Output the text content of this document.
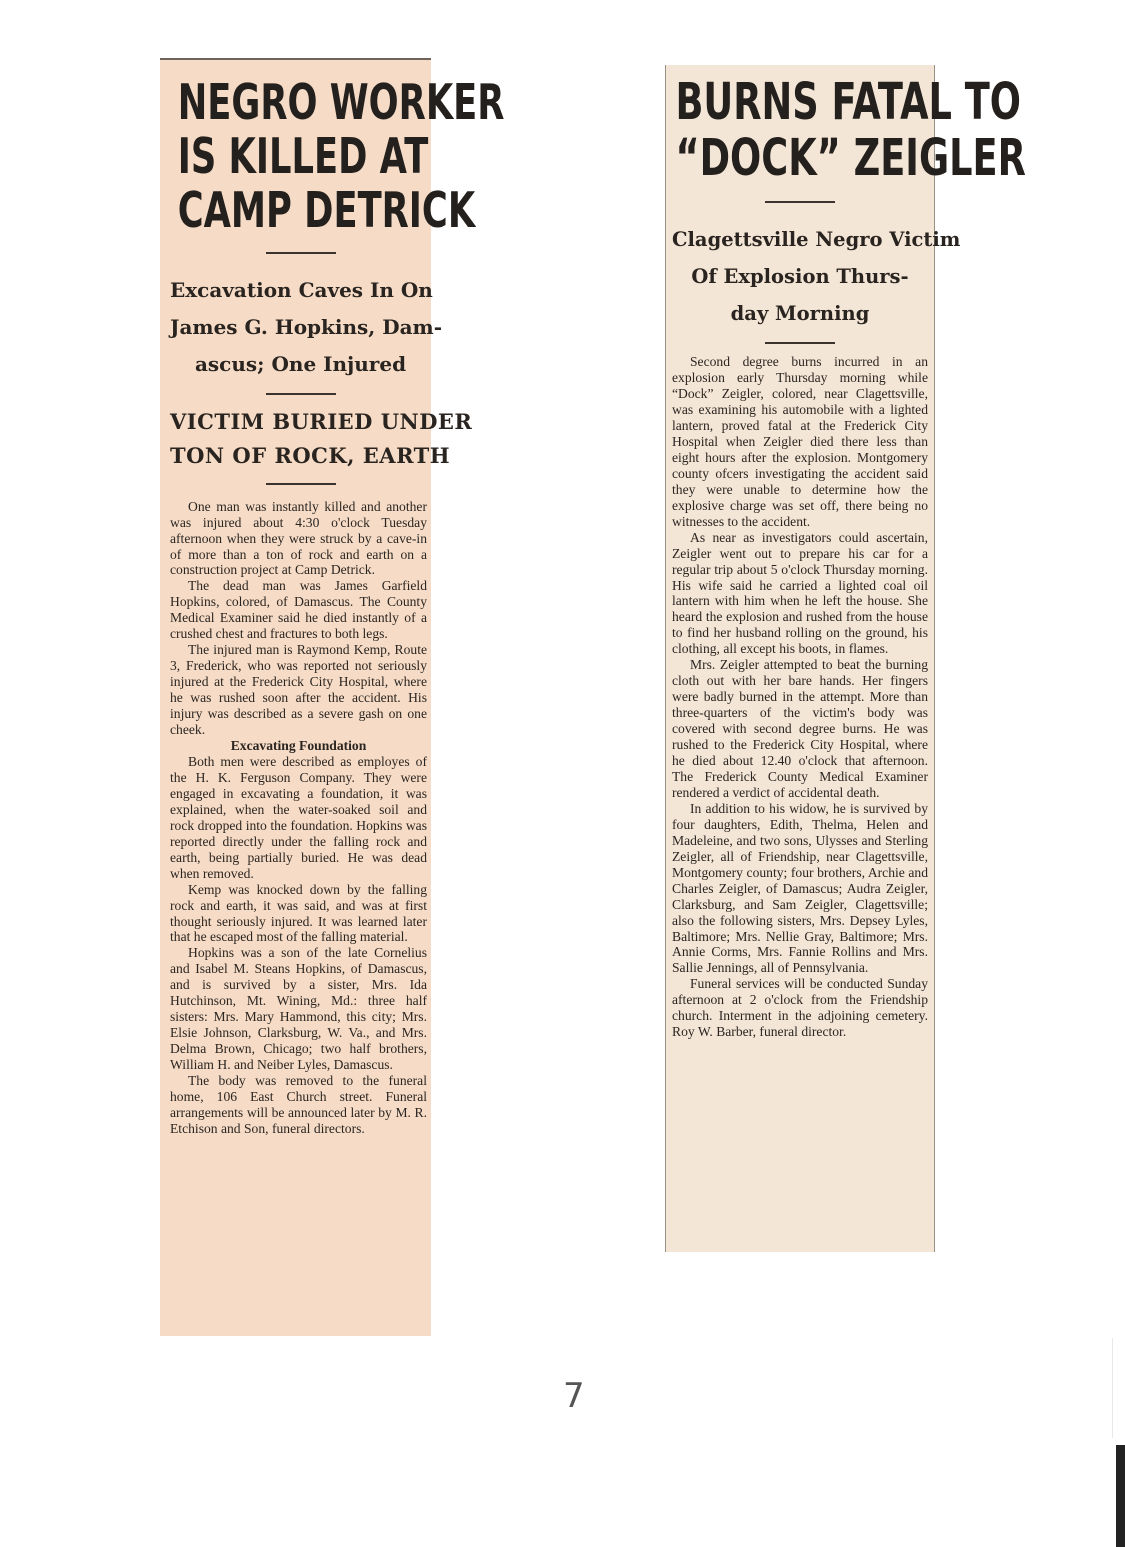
NEGRO WORKER
IS KILLED AT
CAMP DETRICK
Excavation Caves In On
James G. Hopkins, Dam-
ascus; One Injured
VICTIM BURIED UNDER
TON OF ROCK, EARTH

One man was instantly killed and another was injured about 4:30 o'clock Tuesday afternoon when they were struck by a cave-in of more than a ton of rock and earth on a construction project at Camp Detrick.

The dead man was James Garfield Hopkins, colored, of Damascus. The County Medical Examiner said he died instantly of a crushed chest and fractures to both legs.

The injured man is Raymond Kemp, Route 3, Frederick, who was reported not seriously injured at the Frederick City Hospital, where he was rushed soon after the accident. His injury was described as a severe gash on one cheek.

Excavating Foundation

Both men were described as employes of the H. K. Ferguson Company. They were engaged in excavating a foundation, it was explained, when the water-soaked soil and rock dropped into the foundation. Hopkins was reported directly under the falling rock and earth, being partially buried. He was dead when removed.

Kemp was knocked down by the falling rock and earth, it was said, and was at first thought seriously injured. It was learned later that he escaped most of the falling material.

Hopkins was a son of the late Cornelius and Isabel M. Steans Hopkins, of Damascus, and is survived by a sister, Mrs. Ida Hutchinson, Mt. Wining, Md.: three half sisters: Mrs. Mary Hammond, this city; Mrs. Elsie Johnson, Clarksburg, W. Va., and Mrs. Delma Brown, Chicago; two half brothers, William H. and Neiber Lyles, Damascus.

The body was removed to the funeral home, 106 East Church street. Funeral arrangements will be announced later by M. R. Etchison and Son, funeral directors.

BURNS FATAL TO
“DOCK” ZEIGLER
Clagettsville Negro Victim
Of Explosion Thurs-
day Morning

Second degree burns incurred in an explosion early Thursday morning while “Dock” Zeigler, colored, near Clagettsville, was examining his automobile with a lighted lantern, proved fatal at the Frederick City Hospital when Zeigler died there less than eight hours after the explosion. Montgomery county ofcers investigating the accident said they were unable to determine how the explosive charge was set off, there being no witnesses to the accident.

As near as investigators could ascertain, Zeigler went out to prepare his car for a regular trip about 5 o'clock Thursday morning. His wife said he carried a lighted coal oil lantern with him when he left the house. She heard the explosion and rushed from the house to find her husband rolling on the ground, his clothing, all except his boots, in flames.

Mrs. Zeigler attempted to beat the burning cloth out with her bare hands. Her fingers were badly burned in the attempt. More than three-quarters of the victim's body was covered with second degree burns. He was rushed to the Frederick City Hospital, where he died about 12.40 o'clock that afternoon. The Frederick County Medical Examiner rendered a verdict of accidental death.

In addition to his widow, he is survived by four daughters, Edith, Thelma, Helen and Madeleine, and two sons, Ulysses and Sterling Zeigler, all of Friendship, near Clagettsville, Montgomery county; four brothers, Archie and Charles Zeigler, of Damascus; Audra Zeigler, Clarksburg, and Sam Zeigler, Clagettsville; also the following sisters, Mrs. Depsey Lyles, Baltimore; Mrs. Nellie Gray, Baltimore; Mrs. Annie Corms, Mrs. Fannie Rollins and Mrs. Sallie Jennings, all of Pennsylvania.

Funeral services will be conducted Sunday afternoon at 2 o'clock from the Friendship church. Interment in the adjoining cemetery. Roy W. Barber, funeral director.

7
